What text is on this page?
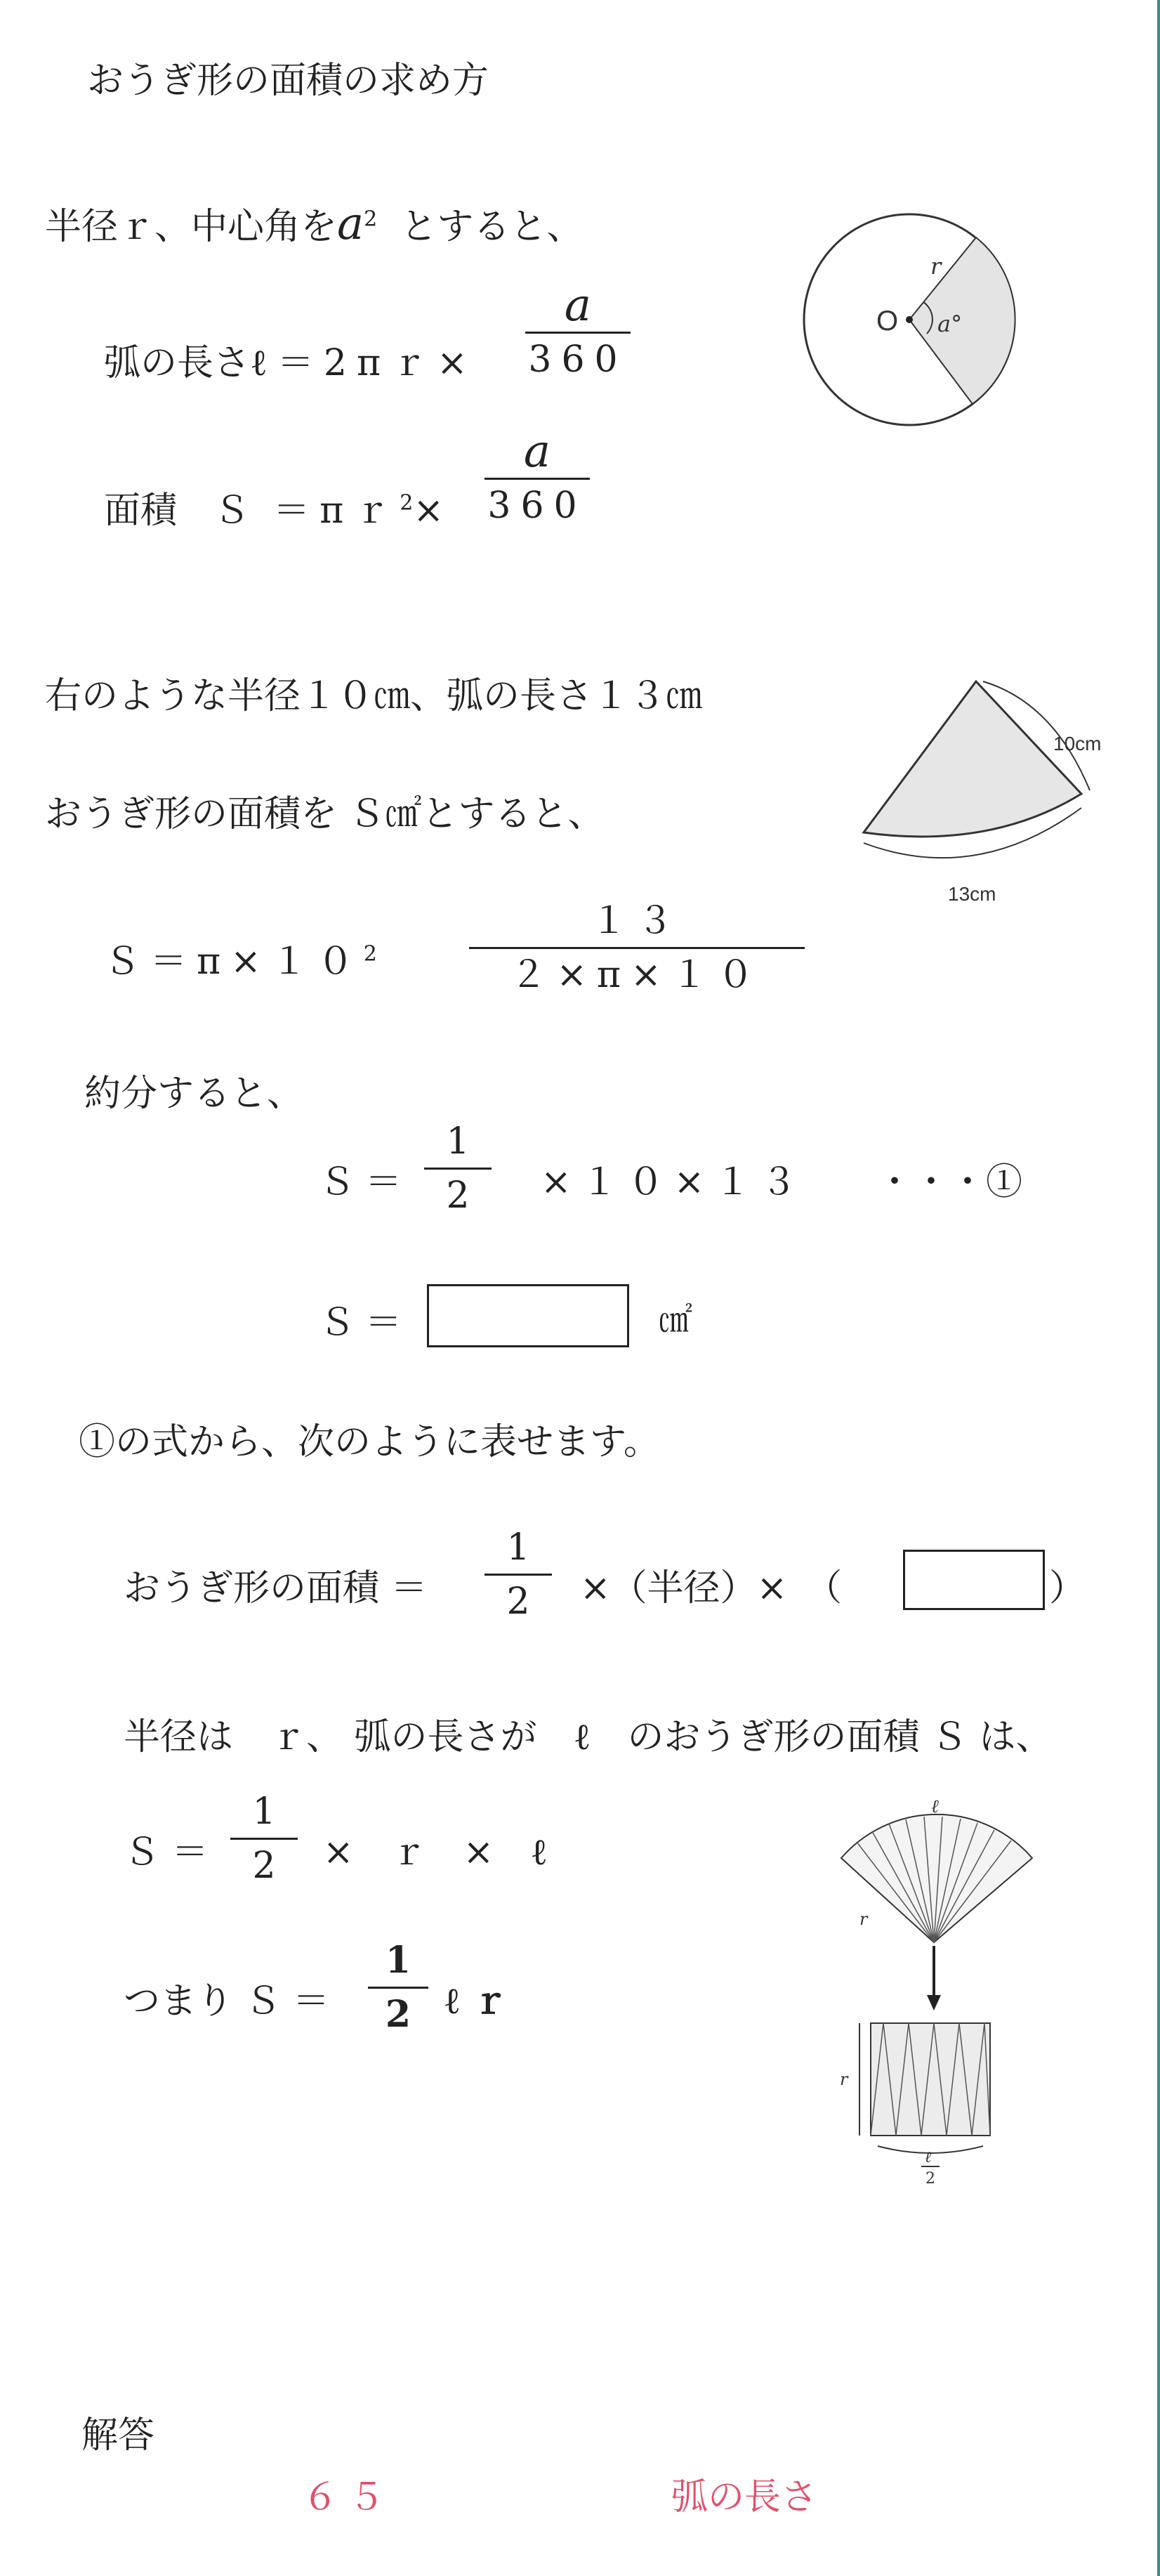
おうぎ形の面積の求め方
半径ｒ、中心角を$a^2$ とすると、
弧の長さℓ＝2πｒ×
a
360
面積　Ｓ ＝πｒ$^2$×
a
360
O a°
r
右のような半径１０㎝、弧の長さ１３㎝
おうぎ形の面積を Ｓ㎠とすると、
10cm
13cm
$S=\pi\times 10^2$
１３
２×π×１０
約分すると、
Ｓ＝
1
2	×１０×１３ ・・・①
Ｓ＝	㎠
①の式から、次のように表せます。
おうぎ形の面積 ＝
1
2	×（半径）×　（	）
半径は　ｒ、 弧の長さが　ℓ　のおうぎ形の面積 Ｓ は、
Ｓ ＝
1
2	×　ｒ　×　ℓ
つまり Ｓ ＝
1
2 ℓ ｒ
ℓ
r
r
ℓ
2
解答
６５	弧の長さ
